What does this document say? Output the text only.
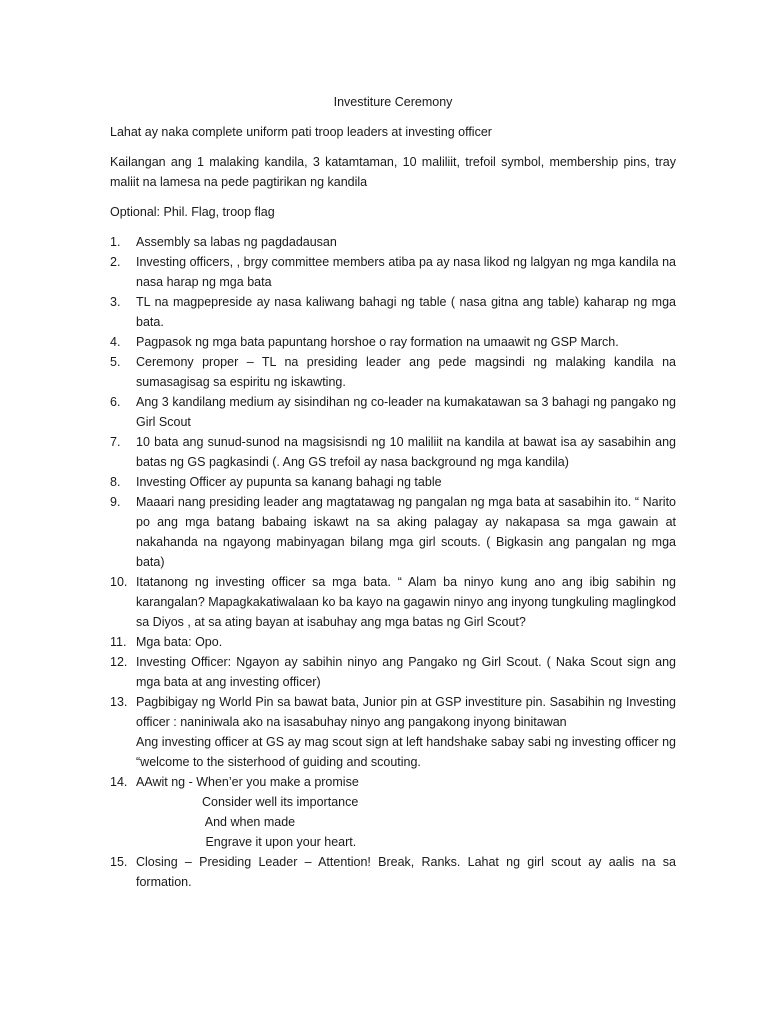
Investiture Ceremony

Lahat ay naka complete uniform pati troop leaders at investing officer

Kailangan ang 1 malaking kandila, 3 katamtaman, 10 maliliit, trefoil symbol, membership pins, tray maliit na lamesa na pede pagtirikan ng kandila

Optional: Phil. Flag, troop flag

1.	Assembly sa labas ng pagdadausan
2.	Investing officers, , brgy committee members atiba pa ay nasa likod ng lalgyan ng mga kandila na nasa harap ng mga bata
3.	TL na magpepreside ay nasa kaliwang bahagi ng table ( nasa gitna ang table) kaharap ng mga bata.
4.	Pagpasok ng mga bata papuntang horshoe o ray formation na umaawit ng GSP March.
5.	Ceremony proper – TL na presiding leader ang pede magsindi ng malaking kandila na sumasagisag sa espiritu ng iskawting.
6.	Ang 3 kandilang medium ay sisindihan ng co-leader na kumakatawan sa 3 bahagi ng pangako ng Girl Scout
7.	10 bata ang sunud-sunod na magsisisndi ng 10 maliliit na kandila at bawat isa ay sasabihin ang batas ng GS pagkasindi (. Ang GS trefoil ay nasa background ng mga kandila)
8.	Investing Officer ay pupunta sa kanang bahagi ng table
9.	Maaari nang presiding leader ang magtatawag ng pangalan ng mga bata at sasabihin ito. “ Narito po ang mga batang babaing iskawt na sa aking palagay ay nakapasa sa mga gawain at nakahanda na ngayong mabinyagan bilang mga girl scouts. ( Bigkasin ang pangalan ng mga bata)
10. Itatanong ng investing officer sa mga bata. “ Alam ba ninyo kung ano ang ibig sabihin ng karangalan? Mapagkakatiwalaan ko ba kayo na gagawin ninyo ang inyong tungkuling maglingkod sa Diyos , at sa ating bayan at isabuhay ang mga batas ng Girl Scout?
11. Mga bata: Opo.
12. Investing Officer: Ngayon ay sabihin ninyo ang Pangako ng Girl Scout. ( Naka Scout sign ang mga bata at ang investing officer)
13. Pagbibigay ng World Pin sa bawat bata, Junior pin at GSP investiture pin. Sasabihin ng Investing officer : naniniwala ako na isasabuhay ninyo ang pangakong inyong binitawan
Ang investing officer at GS ay mag scout sign at left handshake sabay sabi ng investing officer ng “welcome to the sisterhood of guiding and scouting.
14. AAwit ng - When’er you make a promise
Consider well its importance
And when made
Engrave it upon your heart.
15. Closing – Presiding Leader – Attention! Break, Ranks. Lahat ng girl scout ay aalis na sa formation.
